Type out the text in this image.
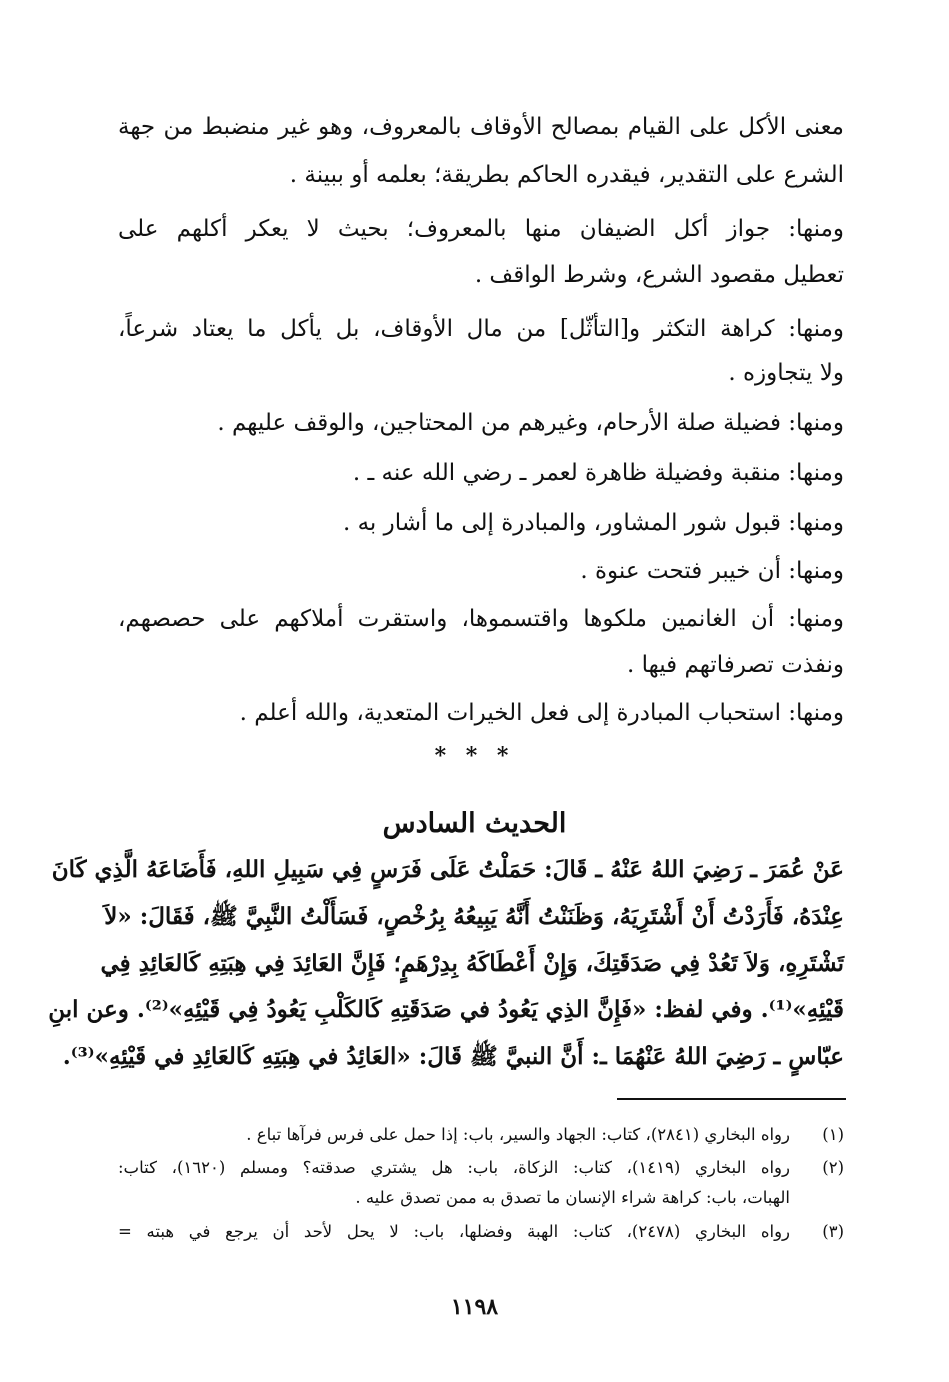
معنى الأكل على القيام بمصالح الأوقاف بالمعروف، وهو غير منضبط من جهة
الشرع على التقدير، فيقدره الحاكم بطريقة؛ بعلمه أو ببينة .
ومنها: جواز أكل الضيفان منها بالمعروف؛ بحيث لا يعكر أكلهم على
تعطيل مقصود الشرع، وشرط الواقف .
ومنها: كراهة التكثر و[التأثّل] من مال الأوقاف، بل يأكل ما يعتاد شرعاً،
ولا يتجاوزه .
ومنها: فضيلة صلة الأرحام، وغيرهم من المحتاجين، والوقف عليهم .
ومنها: منقبة وفضيلة ظاهرة لعمر ـ رضي الله عنه ـ .
ومنها: قبول شور المشاور، والمبادرة إلى ما أشار به .
ومنها: أن خيبر فتحت عنوة .
ومنها: أن الغانمين ملكوها واقتسموها، واستقرت أملاكهم على حصصهم،
ونفذت تصرفاتهم فيها .
ومنها: استحباب المبادرة إلى فعل الخيرات المتعدية، والله أعلم .
* * *
الحديث السادس
عَنْ عُمَرَ ـ رَضِيَ اللهُ عَنْهُ ـ قَالَ: حَمَلْتُ عَلَى فَرَسٍ فِي سَبِيلِ اللهِ، فَأَضَاعَهُ الَّذِي كَانَ
عِنْدَهُ، فَأَرَدْتُ أَنْ أَشْتَرِيَهُ، وَظَنَنْتُ أَنَّهُ يَبِيعُهُ بِرُخْصٍ، فَسَأَلْتُ النَّبِيَّ ﷺ، فَقَالَ: «لاَ
تَشْتَرِهِ، وَلاَ تَعُدْ فِي صَدَقَتِكَ، وَإِنْ أَعْطَاكَهُ بِدِرْهَمٍ؛ فَإِنَّ العَائِدَ فِي هِبَتِهِ كَالعَائِدِ فِي
قَيْئِهِ»⁽¹⁾. وفي لفظ: «فَإِنَّ الذِي يَعُودُ في صَدَقَتِهِ كَالكَلْبِ يَعُودُ فِي قَيْئِهِ»⁽²⁾. وعن ابنِ
عبّاسٍ ـ رَضِيَ اللهُ عَنْهُمَا ـ: أَنَّ النبيَّ ﷺ قَالَ: «العَائِدُ في هِبَتِهِ كَالعَائِدِ في قَيْئِهِ»⁽³⁾.
(١)
رواه البخاري (٢٨٤١)، كتاب: الجهاد والسير، باب: إذا حمل على فرس فرآها تباع .
(٢)
رواه البخاري (١٤١٩)، كتاب: الزكاة، باب: هل يشتري صدقته؟ ومسلم (١٦٢٠)، كتاب:
الهبات، باب: كراهة شراء الإنسان ما تصدق به ممن تصدق عليه .
(٣)
رواه البخاري (٢٤٧٨)، كتاب: الهبة وفضلها، باب: لا يحل لأحد أن يرجع في هبته =
١١٩٨
